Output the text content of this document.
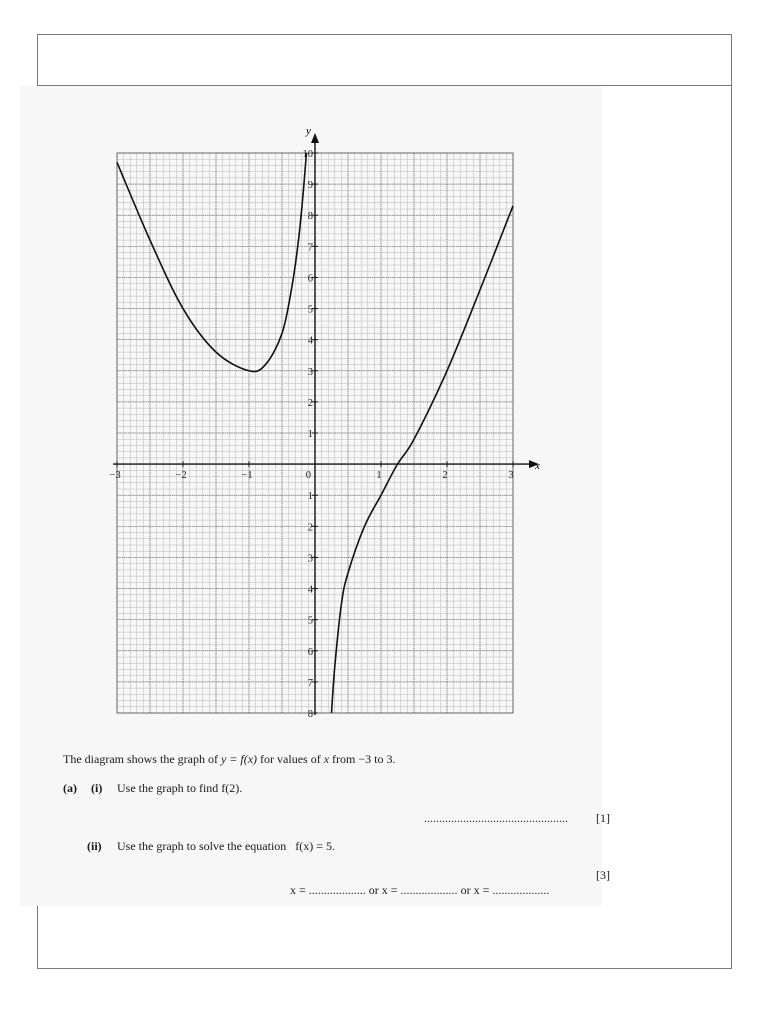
x
y
−3	−2	−1	0	1	2	3
10
9
8
7
6
5
4
3
2
1
1
2
3
4
5
6
7
8
The diagram shows the graph of y = f(x) for values of x from −3 to 3.
(a) (i) Use the graph to find f(2).
................................................ [1]
(ii) Use the graph to solve the equation   f(x) = 5.

x = ................... or x = ................... or x = ...................

[3]
